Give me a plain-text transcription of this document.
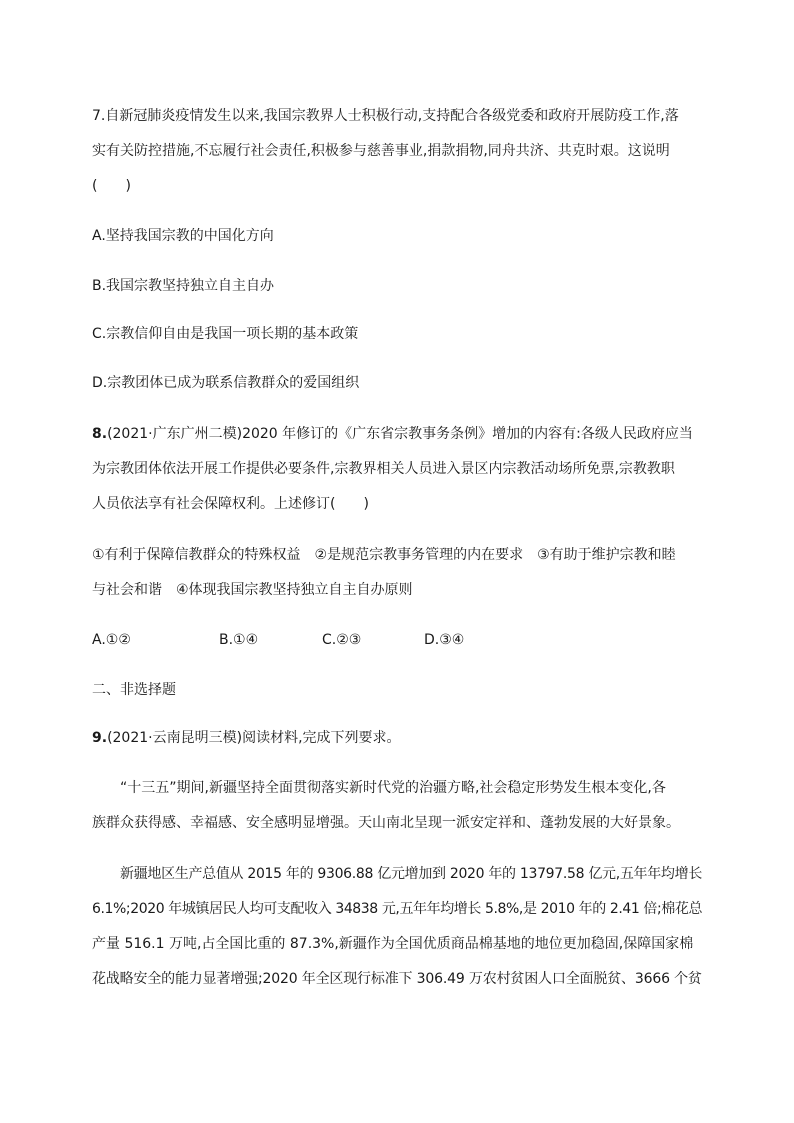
7.自新冠肺炎疫情发生以来,我国宗教界人士积极行动,支持配合各级党委和政府开展防疫工作,落
实有关防控措施,不忘履行社会责任,积极参与慈善事业,捐款捐物,同舟共济、共克时艰。这说明
(　　)
A.坚持我国宗教的中国化方向
B.我国宗教坚持独立自主自办
C.宗教信仰自由是我国一项长期的基本政策
D.宗教团体已成为联系信教群众的爱国组织
8.(2021·广东广州二模)2020 年修订的《广东省宗教事务条例》增加的内容有:各级人民政府应当
为宗教团体依法开展工作提供必要条件,宗教界相关人员进入景区内宗教活动场所免票,宗教教职
人员依法享有社会保障权利。上述修订(　　)
①有利于保障信教群众的特殊权益　②是规范宗教事务管理的内在要求　③有助于维护宗教和睦
与社会和谐　④体现我国宗教坚持独立自主自办原则
A.①②	B.①④	C.②③	D.③④
二、非选择题
9.(2021·云南昆明三模)阅读材料,完成下列要求。
“十三五”期间,新疆坚持全面贯彻落实新时代党的治疆方略,社会稳定形势发生根本变化,各
族群众获得感、幸福感、安全感明显增强。天山南北呈现一派安定祥和、蓬勃发展的大好景象。
新疆地区生产总值从 2015 年的 9306.88 亿元增加到 2020 年的 13797.58 亿元,五年年均增长
6.1%;2020 年城镇居民人均可支配收入 34838 元,五年年均增长 5.8%,是 2010 年的 2.41 倍;棉花总
产量 516.1 万吨,占全国比重的 87.3%,新疆作为全国优质商品棉基地的地位更加稳固,保障国家棉
花战略安全的能力显著增强;2020 年全区现行标准下 306.49 万农村贫困人口全面脱贫、3666 个贫
